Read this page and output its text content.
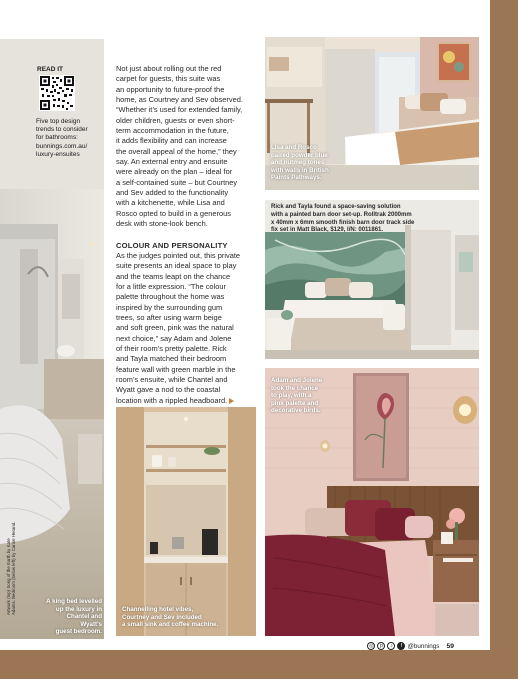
READ IT
Five top design
trends to consider
for bathrooms:
bunnings.com.au/
luxury-ensuites

Not just about rolling out the red
carpet for guests, this suite was
an opportunity to future-proof the
home, as Courtney and Sev observed.
“Whether it’s used for extended family,
older children, guests or even short-
term accommodation in the future,
it adds flexibility and can increase
the overall appeal of the home,” they
say. An external entry and ensuite
were already on the plan – ideal for
a self-contained suite – but Courtney
and Sev added to the functionality
with a kitchenette, while Lisa and
Rosco opted to build in a generous
desk with stone-look bench.

COLOUR AND PERSONALITY

As the judges pointed out, this private
suite presents an ideal space to play
and the teams leapt on the chance
for a little expression. “The colour
palette throughout the home was
inspired by the surrounding gum
trees, so after using warm beige
and soft green, pink was the natural
next choice,” say Adam and Jolene
of their room’s pretty palette. Rick
and Tayla matched their bedroom
feature wall with green marble in the
room’s ensuite, while Chantel and
Wyatt gave a nod to the coastal
location with a rippled headboard.

Lisa and Rosco
paired powder blue
and nutmeg tones
with walls in British
Paints Pathways.
Rick and Tayla found a space-saving solution
with a painted barn door set-up. Rolltrak 2000mm
x 40mm x 6mm smooth finish barn door track side
fix set in Matt Black, $129, I/N: 0011861.
Adam and Jolene
took the chance
to play, with a
pink palette and
decorative birds.
Channelling hotel vibes,
Courtney and Sev included
a small sink and coffee machine.
A king bed levelled
up the luxury in
Chantel and Wyatt’s
guest bedroom.
Artwork (top) Song of the Earth by Kate Adams. Bedroom (below left) by Carine Herand.
◎	p	♪	f @bunnings 59
